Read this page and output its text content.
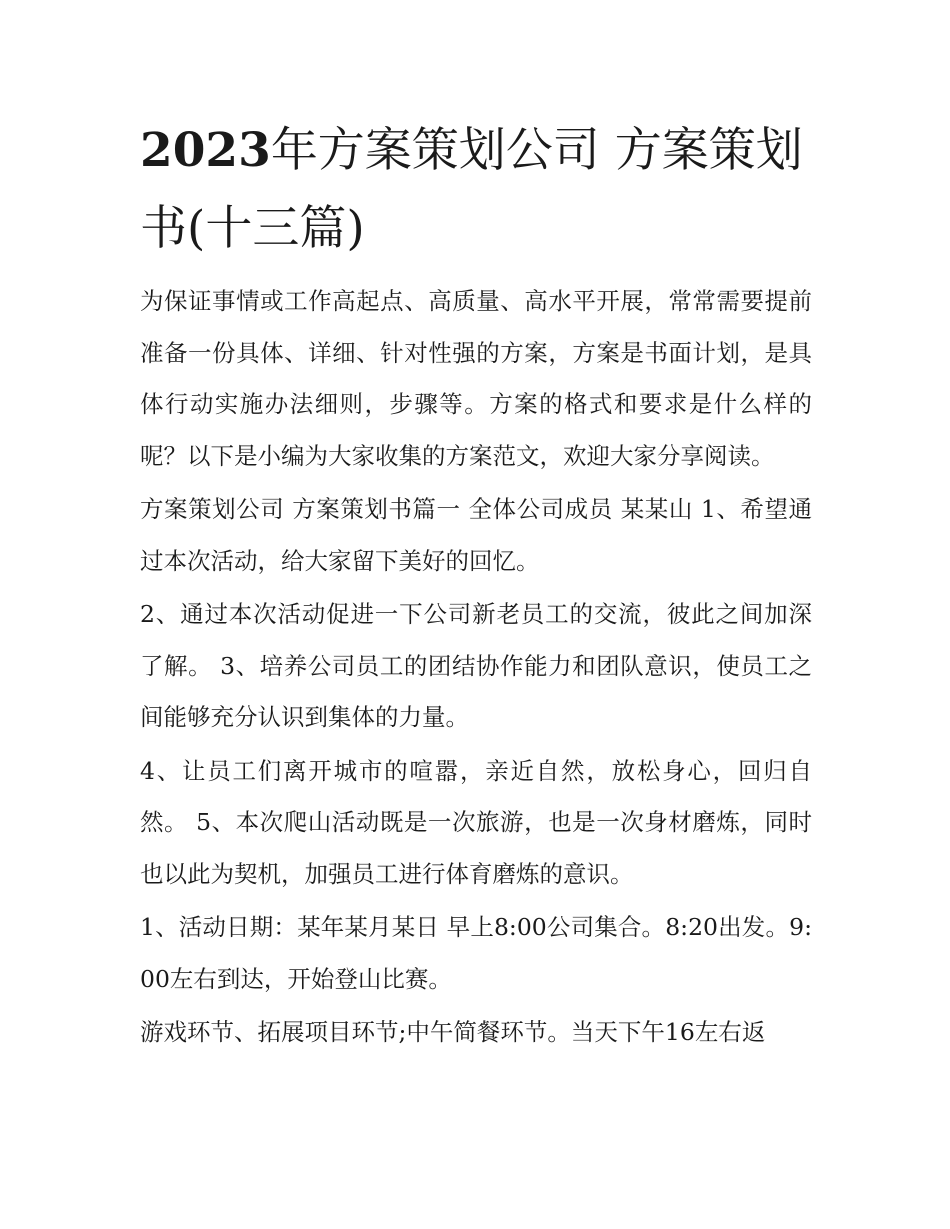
2023年方案策划公司 方案策划书(十三篇)

为保证事情或工作高起点、高质量、高水平开展，常常需要提前准备一份具体、详细、针对性强的方案，方案是书面计划，是具体行动实施办法细则，步骤等。方案的格式和要求是什么样的呢？以下是小编为大家收集的方案范文，欢迎大家分享阅读。

方案策划公司 方案策划书篇一 全体公司成员 某某山 1、希望通过本次活动，给大家留下美好的回忆。

2、通过本次活动促进一下公司新老员工的交流，彼此之间加深了解。 3、培养公司员工的团结协作能力和团队意识，使员工之间能够充分认识到集体的力量。

4、让员工们离开城市的喧嚣，亲近自然，放松身心，回归自然。 5、本次爬山活动既是一次旅游，也是一次身材磨炼，同时也以此为契机，加强员工进行体育磨炼的意识。

1、活动日期：某年某月某日 早上8:00公司集合。8:20出发。9:00左右到达，开始登山比赛。

游戏环节、拓展项目环节;中午简餐环节。当天下午16左右返
